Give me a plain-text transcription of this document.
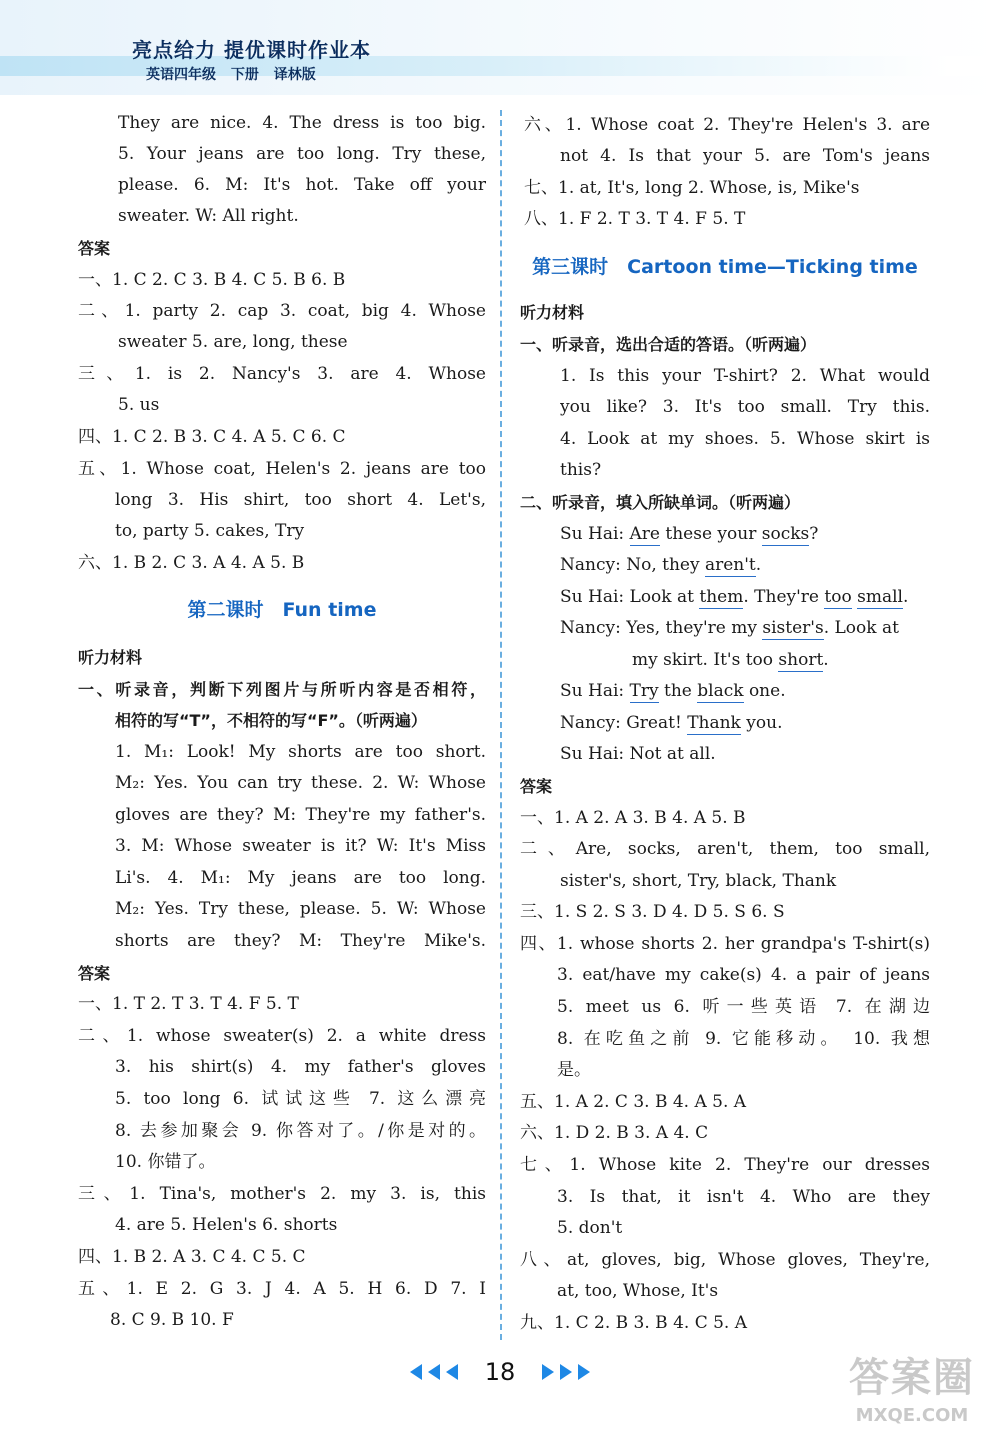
亮点给力 提优课时作业本
英语四年级 下册 译林版
They are nice. 4. The dress is too big.
5. Your jeans are too long. Try these,
please. 6. M: It's hot. Take off your
sweater. W: All right.
答案
一、1. C 2. C 3. B 4. C 5. B 6. B
二、1. party 2. cap 3. coat, big 4. Whose
sweater 5. are, long, these
三、1. is 2. Nancy's 3. are 4. Whose
5. us
四、1. C 2. B 3. C 4. A 5. C 6. C
五、1. Whose coat, Helen's 2. jeans are too
long 3. His shirt, too short 4. Let's,
to, party 5. cakes, Try
六、1. B 2. C 3. A 4. A 5. B
第二课时　Fun time
听力材料
一、听录音，判断下列图片与所听内容是否相符，
相符的写“T”，不相符的写“F”。（听两遍）
1. M₁: Look! My shorts are too short.
M₂: Yes. You can try these. 2. W: Whose
gloves are they? M: They're my father's.
3. M: Whose sweater is it? W: It's Miss
Li's. 4. M₁: My jeans are too long.
M₂: Yes. Try these, please. 5. W: Whose
shorts are they? M: They're Mike's.
答案
一、1. T 2. T 3. T 4. F 5. T
二、1. whose sweater(s) 2. a white dress
3. his shirt(s) 4. my father's gloves
5. too long 6. 试试这些 7. 这么漂亮
8. 去参加聚会 9. 你答对了。/你是对的。
10. 你错了。
三、1. Tina's, mother's 2. my 3. is, this
4. are 5. Helen's 6. shorts
四、1. B 2. A 3. C 4. C 5. C
五、1. E 2. G 3. J 4. A 5. H 6. D 7. I
8. C 9. B 10. F
六、1. Whose coat 2. They're Helen's 3. are
not 4. Is that your 5. are Tom's jeans
七、1. at, It's, long 2. Whose, is, Mike's
八、1. F 2. T 3. T 4. F 5. T
第三课时　Cartoon time—Ticking time
听力材料
一、听录音，选出合适的答语。（听两遍）
1. Is this your T-shirt? 2. What would
you like? 3. It's too small. Try this.
4. Look at my shoes. 5. Whose skirt is
this?
二、听录音，填入所缺单词。（听两遍）
Su Hai: Are these your socks?
Nancy: No, they aren't.
Su Hai: Look at them. They're too small.
Nancy: Yes, they're my sister's. Look at
my skirt. It's too short.
Su Hai: Try the black one.
Nancy: Great! Thank you.
Su Hai: Not at all.
答案
一、1. A 2. A 3. B 4. A 5. B
二、Are, socks, aren't, them, too small,
sister's, short, Try, black, Thank
三、1. S 2. S 3. D 4. D 5. S 6. S
四、1. whose shorts 2. her grandpa's T-shirt(s)
3. eat/have my cake(s) 4. a pair of jeans
5. meet us 6. 听一些英语 7. 在湖边
8. 在吃鱼之前 9. 它能移动。 10. 我想
是。
五、1. A 2. C 3. B 4. A 5. A
六、1. D 2. B 3. A 4. C
七、1. Whose kite 2. They're our dresses
3. Is that, it isn't 4. Who are they
5. don't
八、at, gloves, big, Whose gloves, They're,
at, too, Whose, It's
九、1. C 2. B 3. B 4. C 5. A
18	答案圈
MXQE.COM
